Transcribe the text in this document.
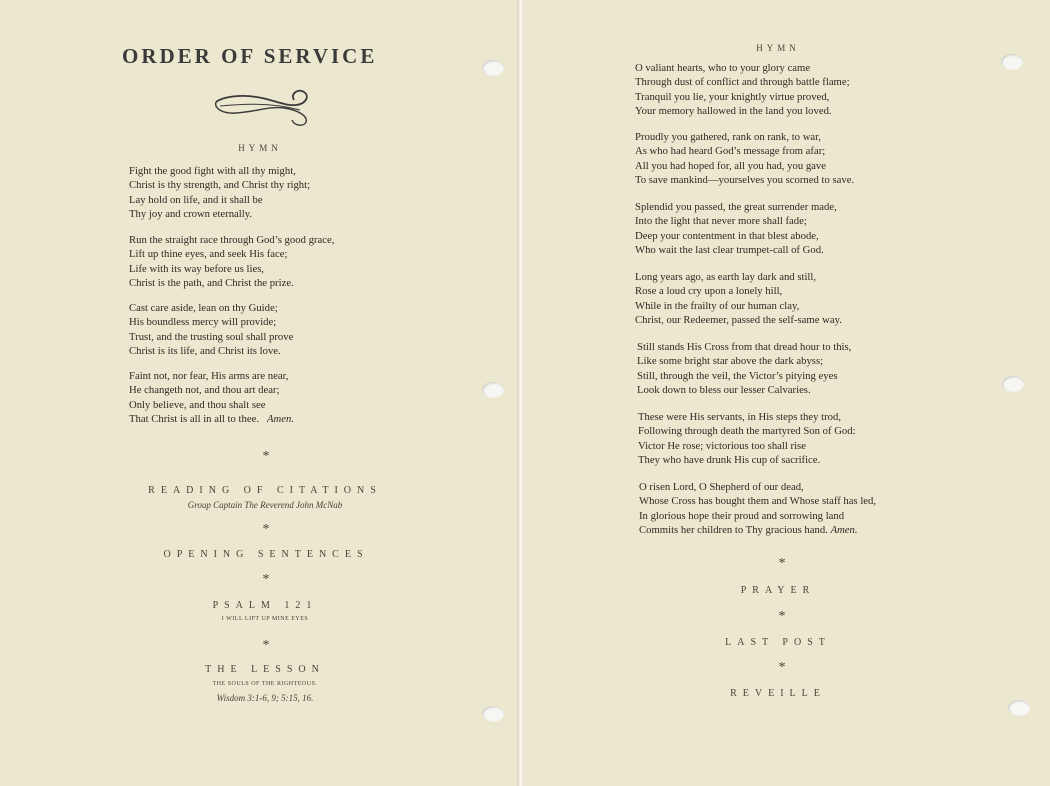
ORDER OF SERVICE
HYMN
Fight the good fight with all thy might,
Christ is thy strength, and Christ thy right;
Lay hold on life, and it shall be
Thy joy and crown eternally.
Run the straight race through God’s good grace,
Lift up thine eyes, and seek His face;
Life with its way before us lies,
Christ is the path, and Christ the prize.
Cast care aside, lean on thy Guide;
His boundless mercy will provide;
Trust, and the trusting soul shall prove
Christ is its life, and Christ its love.
Faint not, nor fear, His arms are near,
He changeth not, and thou art dear;
Only believe, and thou shalt see
That Christ is all in all to thee. Amen.
*
READING OF CITATIONS
Group Captain The Reverend John McNab
*
OPENING SENTENCES
*
PSALM 121
I WILL LIFT UP MINE EYES
*
THE LESSON
THE SOULS OF THE RIGHTEOUS.
Wisdom 3:1-6, 9; 5:15, 16.
HYMN
O valiant hearts, who to your glory came
Through dust of conflict and through battle flame;
Tranquil you lie, your knightly virtue proved,
Your memory hallowed in the land you loved.
Proudly you gathered, rank on rank, to war,
As who had heard God’s message from afar;
All you had hoped for, all you had, you gave
To save mankind—yourselves you scorned to save.
Splendid you passed, the great surrender made,
Into the light that never more shall fade;
Deep your contentment in that blest abode,
Who wait the last clear trumpet-call of God.
Long years ago, as earth lay dark and still,
Rose a loud cry upon a lonely hill,
While in the frailty of our human clay,
Christ, our Redeemer, passed the self-same way.
Still stands His Cross from that dread hour to this,
Like some bright star above the dark abyss;
Still, through the veil, the Victor’s pitying eyes
Look down to bless our lesser Calvaries.
These were His servants, in His steps they trod,
Following through death the martyred Son of God:
Victor He rose; victorious too shall rise
They who have drunk His cup of sacrifice.
O risen Lord, O Shepherd of our dead,
Whose Cross has bought them and Whose staff has led,
In glorious hope their proud and sorrowing land
Commits her children to Thy gracious hand. Amen.
*
PRAYER
*
LAST POST
*
REVEILLE
